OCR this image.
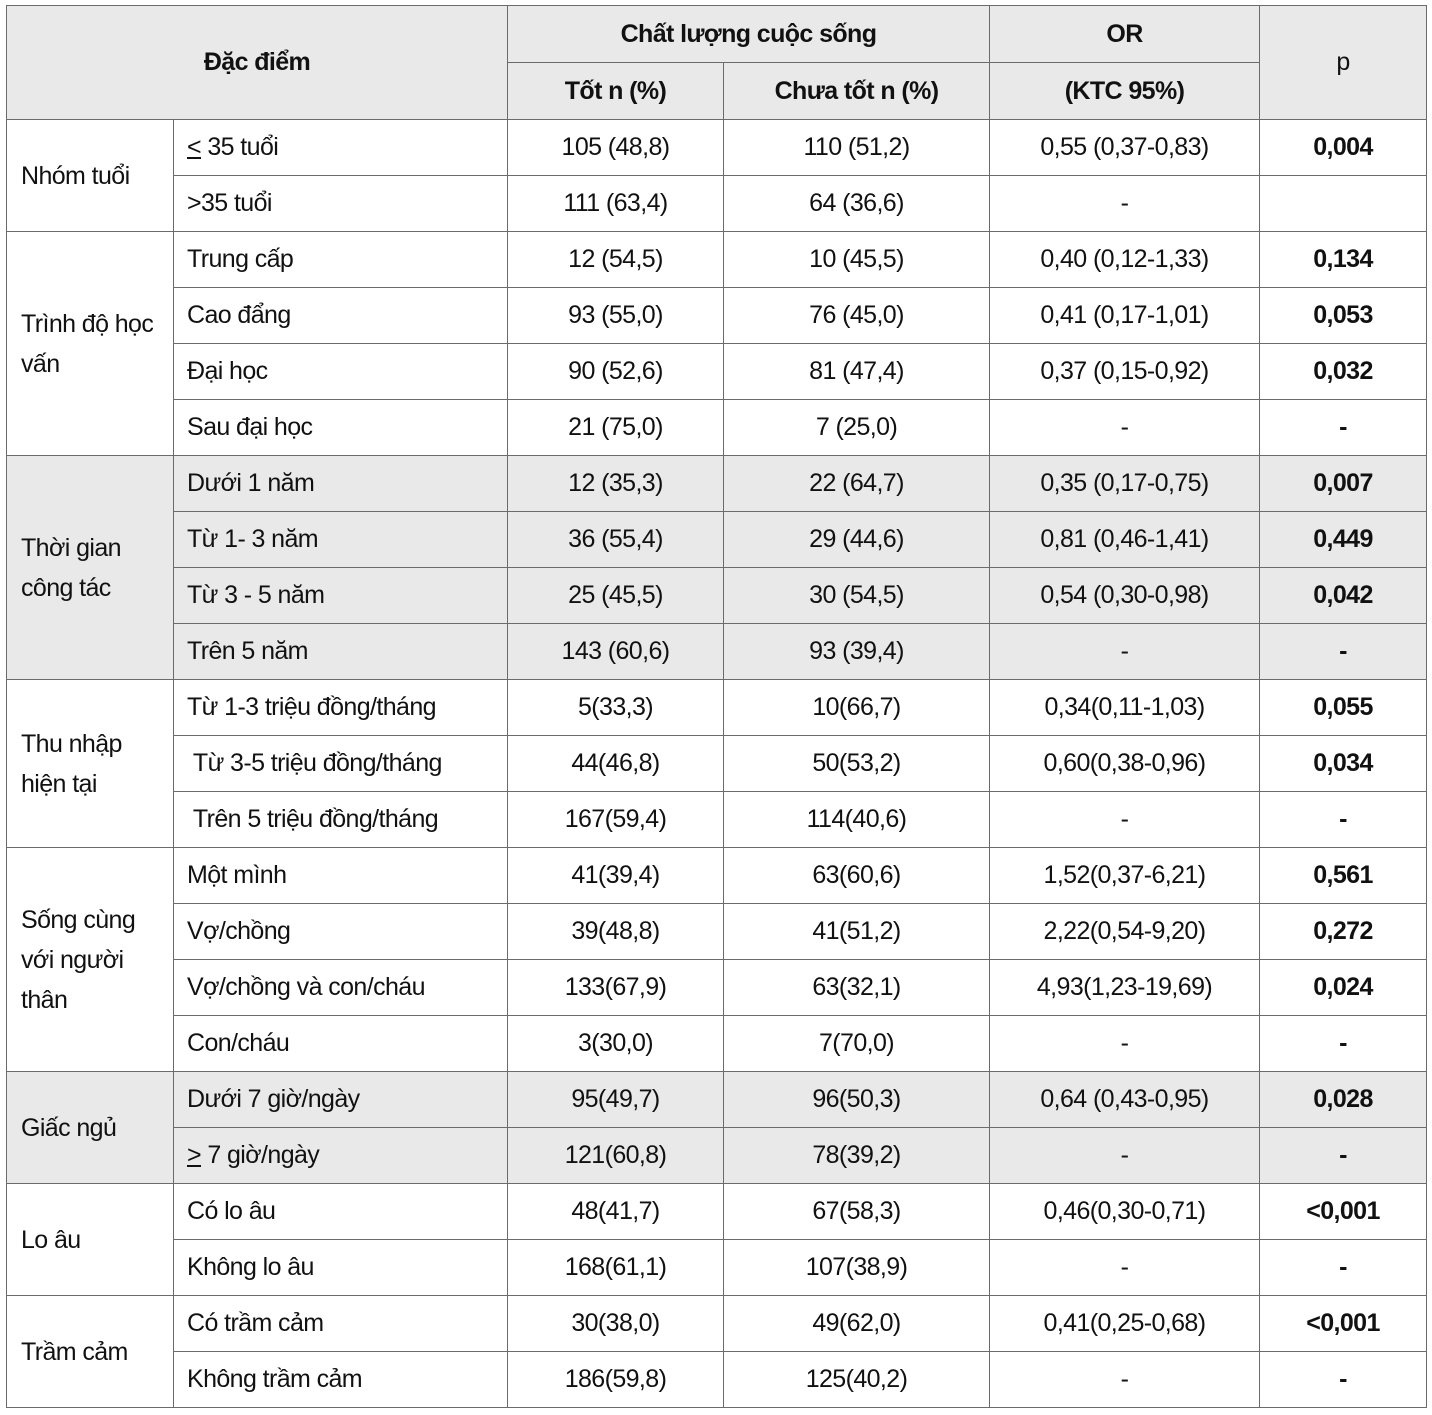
Đặc điểm		Chất lượng cuộc sống		OR	p
		Tốt n (%)	Chưa tốt n (%)	(KTC 95%)	
Nhóm tuổi	< 35 tuổi	105 (48,8)	110 (51,2)	0,55 (0,37-0,83)	0,004
	>35 tuổi	111 (63,4)	64 (36,6)	-	
Trình độ học vấn	Trung cấp	12 (54,5)	10 (45,5)	0,40 (0,12-1,33)	0,134
	Cao đẩng	93 (55,0)	76 (45,0)	0,41 (0,17-1,01)	0,053
	Đại học	90 (52,6)	81 (47,4)	0,37 (0,15-0,92)	0,032
	Sau đại học	21 (75,0)	7 (25,0)	-	-
Thời gian công tác	Dưới 1 năm	12 (35,3)	22 (64,7)	0,35 (0,17-0,75)	0,007
	Từ 1- 3 năm	36 (55,4)	29 (44,6)	0,81 (0,46-1,41)	0,449
	Từ 3 - 5 năm	25 (45,5)	30 (54,5)	0,54 (0,30-0,98)	0,042
	Trên 5 năm	143 (60,6)	93 (39,4)	-	-
Thu nhập hiện tại	Từ 1-3 triệu đồng/tháng	5(33,3)	10(66,7)	0,34(0,11-1,03)	0,055
	Từ 3-5 triệu đồng/tháng	44(46,8)	50(53,2)	0,60(0,38-0,96)	0,034
	Trên 5 triệu đồng/tháng	167(59,4)	114(40,6)	-	-
Sống cùng với người thân	Một mình	41(39,4)	63(60,6)	1,52(0,37-6,21)	0,561
	Vợ/chồng	39(48,8)	41(51,2)	2,22(0,54-9,20)	0,272
	Vợ/chồng và con/cháu	133(67,9)	63(32,1)	4,93(1,23-19,69)	0,024
	Con/cháu	3(30,0)	7(70,0)	-	-
Giấc ngủ	Dưới 7 giờ/ngày	95(49,7)	96(50,3)	0,64 (0,43-0,95)	0,028
	> 7 giờ/ngày	121(60,8)	78(39,2)	-	-
Lo âu	Có lo âu	48(41,7)	67(58,3)	0,46(0,30-0,71)	<0,001
	Không lo âu	168(61,1)	107(38,9)	-	-
Trầm cảm	Có trầm cảm	30(38,0)	49(62,0)	0,41(0,25-0,68)	<0,001
	Không trầm cảm	186(59,8)	125(40,2)	-	-
